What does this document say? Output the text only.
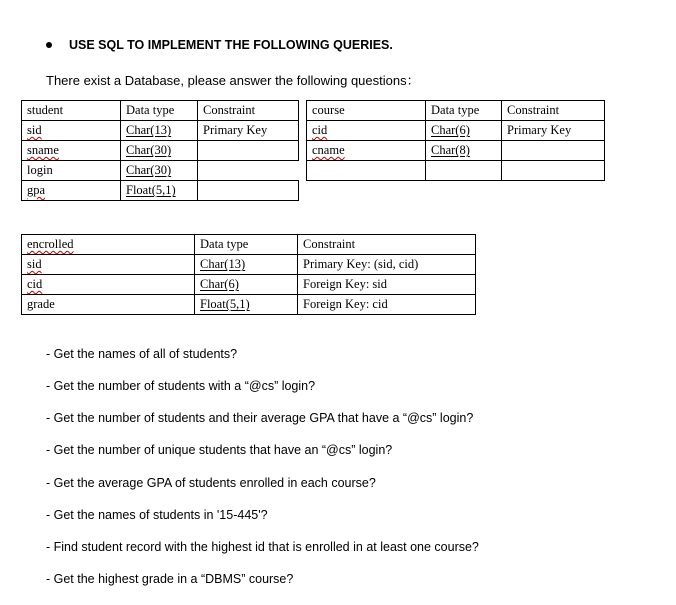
USE SQL TO IMPLEMENT THE FOLLOWING QUERIES.
There exist a Database, please answer the following questions：
student	Data type	Constraint
sid	Char(13)	Primary Key
sname	Char(30)	
login	Char(30)	
gpa	Float(5,1)	
course	Data type	Constraint
cid	Char(6)	Primary Key
cname	Char(8)	

encrolled	Data type	Constraint
sid	Char(13)	Primary Key: (sid, cid)
cid	Char(6)	Foreign Key: sid
grade	Float(5,1)	Foreign Key: cid
- Get the names of all of students?
- Get the number of students with a “@cs” login?
- Get the number of students and their average GPA that have a “@cs” login?
- Get the number of unique students that have an “@cs” login?
- Get the average GPA of students enrolled in each course?
- Get the names of students in '15-445'?
- Find student record with the highest id that is enrolled in at least one course?
- Get the highest grade in a “DBMS” course?
